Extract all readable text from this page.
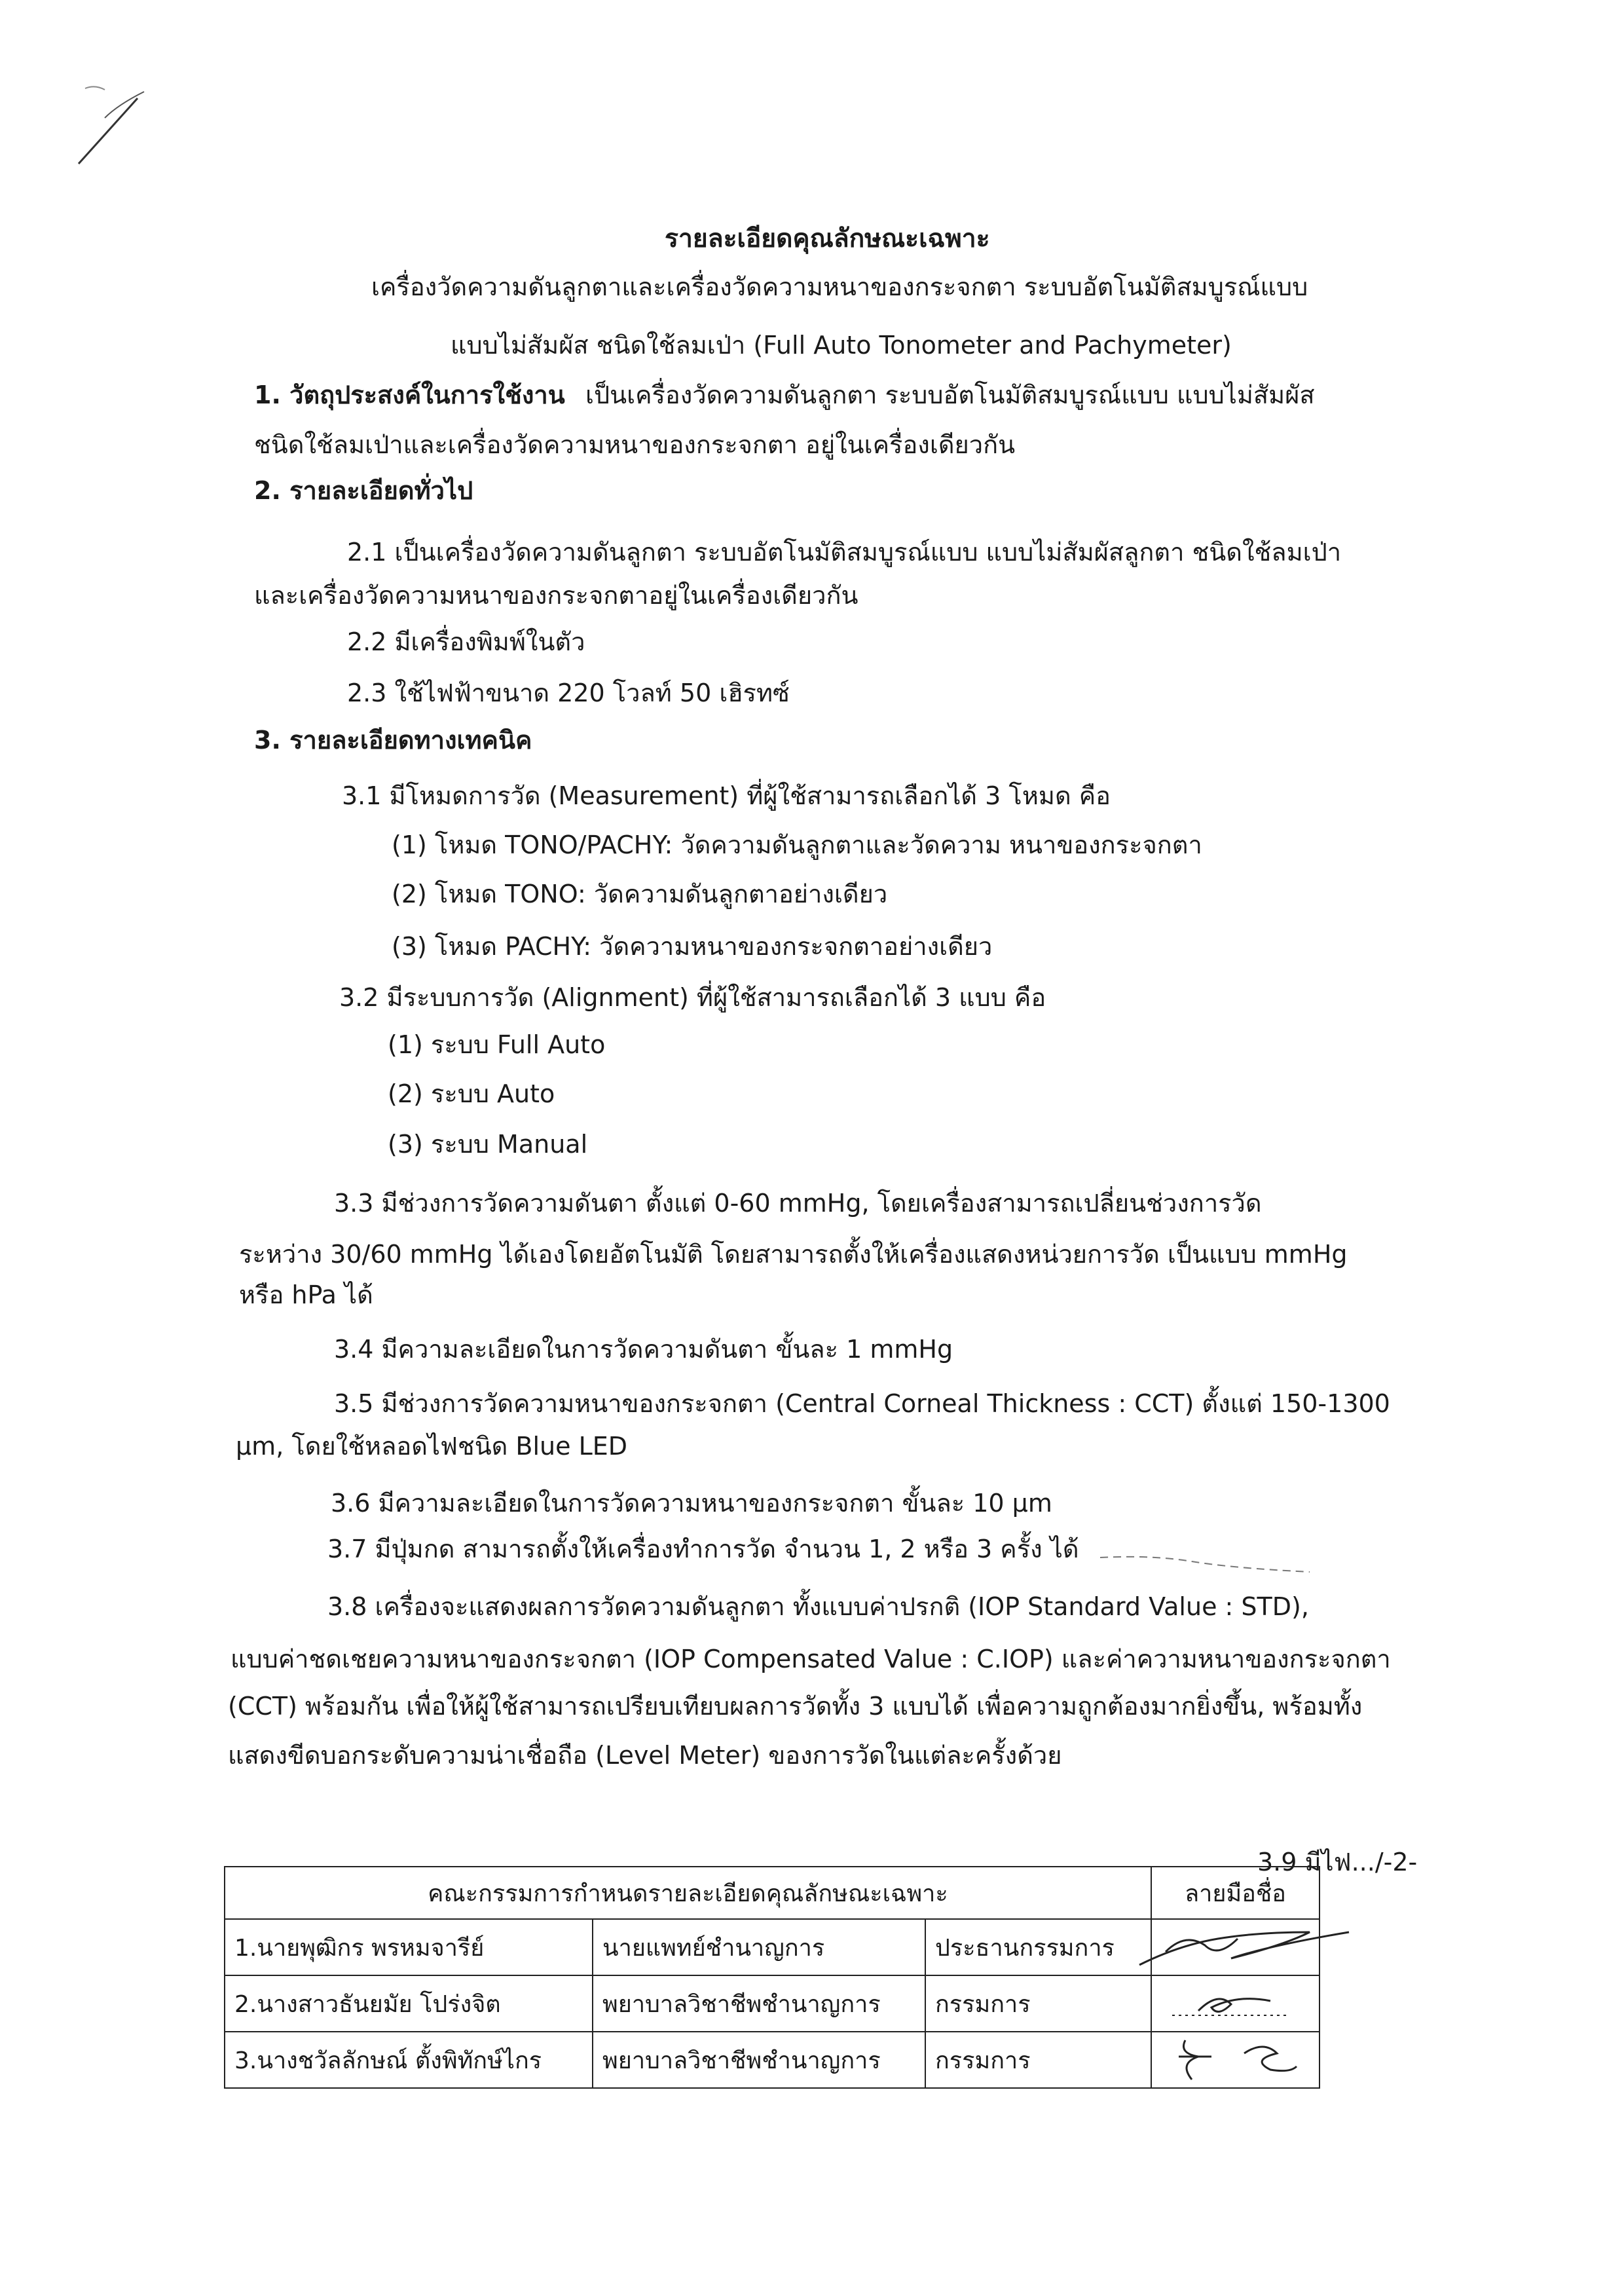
รายละเอียดคุณลักษณะเฉพาะ
เครื่องวัดความดันลูกตาและเครื่องวัดความหนาของกระจกตา ระบบอัตโนมัติสมบูรณ์แบบ
แบบไม่สัมผัส ชนิดใช้ลมเป่า (Full Auto Tonometer and Pachymeter)
1. วัตถุประสงค์ในการใช้งาน เป็นเครื่องวัดความดันลูกตา ระบบอัตโนมัติสมบูรณ์แบบ แบบไม่สัมผัส
ชนิดใช้ลมเป่าและเครื่องวัดความหนาของกระจกตา อยู่ในเครื่องเดียวกัน
2. รายละเอียดทั่วไป
2.1 เป็นเครื่องวัดความดันลูกตา ระบบอัตโนมัติสมบูรณ์แบบ แบบไม่สัมผัสลูกตา ชนิดใช้ลมเป่า
และเครื่องวัดความหนาของกระจกตาอยู่ในเครื่องเดียวกัน
2.2 มีเครื่องพิมพ์ในตัว
2.3 ใช้ไฟฟ้าขนาด 220 โวลท์ 50 เฮิรทซ์
3. รายละเอียดทางเทคนิค
3.1 มีโหมดการวัด (Measurement) ที่ผู้ใช้สามารถเลือกได้ 3 โหมด คือ
(1) โหมด TONO/PACHY: วัดความดันลูกตาและวัดความ หนาของกระจกตา
(2) โหมด TONO: วัดความดันลูกตาอย่างเดียว
(3) โหมด PACHY: วัดความหนาของกระจกตาอย่างเดียว
3.2 มีระบบการวัด (Alignment) ที่ผู้ใช้สามารถเลือกได้ 3 แบบ คือ
(1) ระบบ Full Auto
(2) ระบบ Auto
(3) ระบบ Manual
3.3 มีช่วงการวัดความดันตา ตั้งแต่ 0-60 mmHg, โดยเครื่องสามารถเปลี่ยนช่วงการวัด
ระหว่าง 30/60 mmHg ได้เองโดยอัตโนมัติ โดยสามารถตั้งให้เครื่องแสดงหน่วยการวัด เป็นแบบ mmHg
หรือ hPa ได้
3.4 มีความละเอียดในการวัดความดันตา ขั้นละ 1 mmHg
3.5 มีช่วงการวัดความหนาของกระจกตา (Central Corneal Thickness : CCT) ตั้งแต่ 150-1300
μm, โดยใช้หลอดไฟชนิด Blue LED
3.6 มีความละเอียดในการวัดความหนาของกระจกตา ขั้นละ 10 μm
3.7 มีปุ่มกด สามารถตั้งให้เครื่องทำการวัด จำนวน 1, 2 หรือ 3 ครั้ง ได้
3.8 เครื่องจะแสดงผลการวัดความดันลูกตา ทั้งแบบค่าปรกติ (IOP Standard Value : STD),
แบบค่าชดเชยความหนาของกระจกตา (IOP Compensated Value : C.IOP) และค่าความหนาของกระจกตา
(CCT) พร้อมกัน เพื่อให้ผู้ใช้สามารถเปรียบเทียบผลการวัดทั้ง 3 แบบได้ เพื่อความถูกต้องมากยิ่งขึ้น, พร้อมทั้ง
แสดงขีดบอกระดับความน่าเชื่อถือ (Level Meter) ของการวัดในแต่ละครั้งด้วย
3.9 มีไฟ.../-2-
คณะกรรมการกำหนดรายละเอียดคุณลักษณะเฉพาะ			ลายมือชื่อ
1.นายพุฒิกร พรหมจารีย์	นายแพทย์ชำนาญการ	ประธานกรรมการ	
2.นางสาวธันยมัย โปร่งจิต	พยาบาลวิชาชีพชำนาญการ	กรรมการ	
3.นางชวัลลักษณ์ ตั้งพิทักษ์ไกร	พยาบาลวิชาชีพชำนาญการ	กรรมการ	
